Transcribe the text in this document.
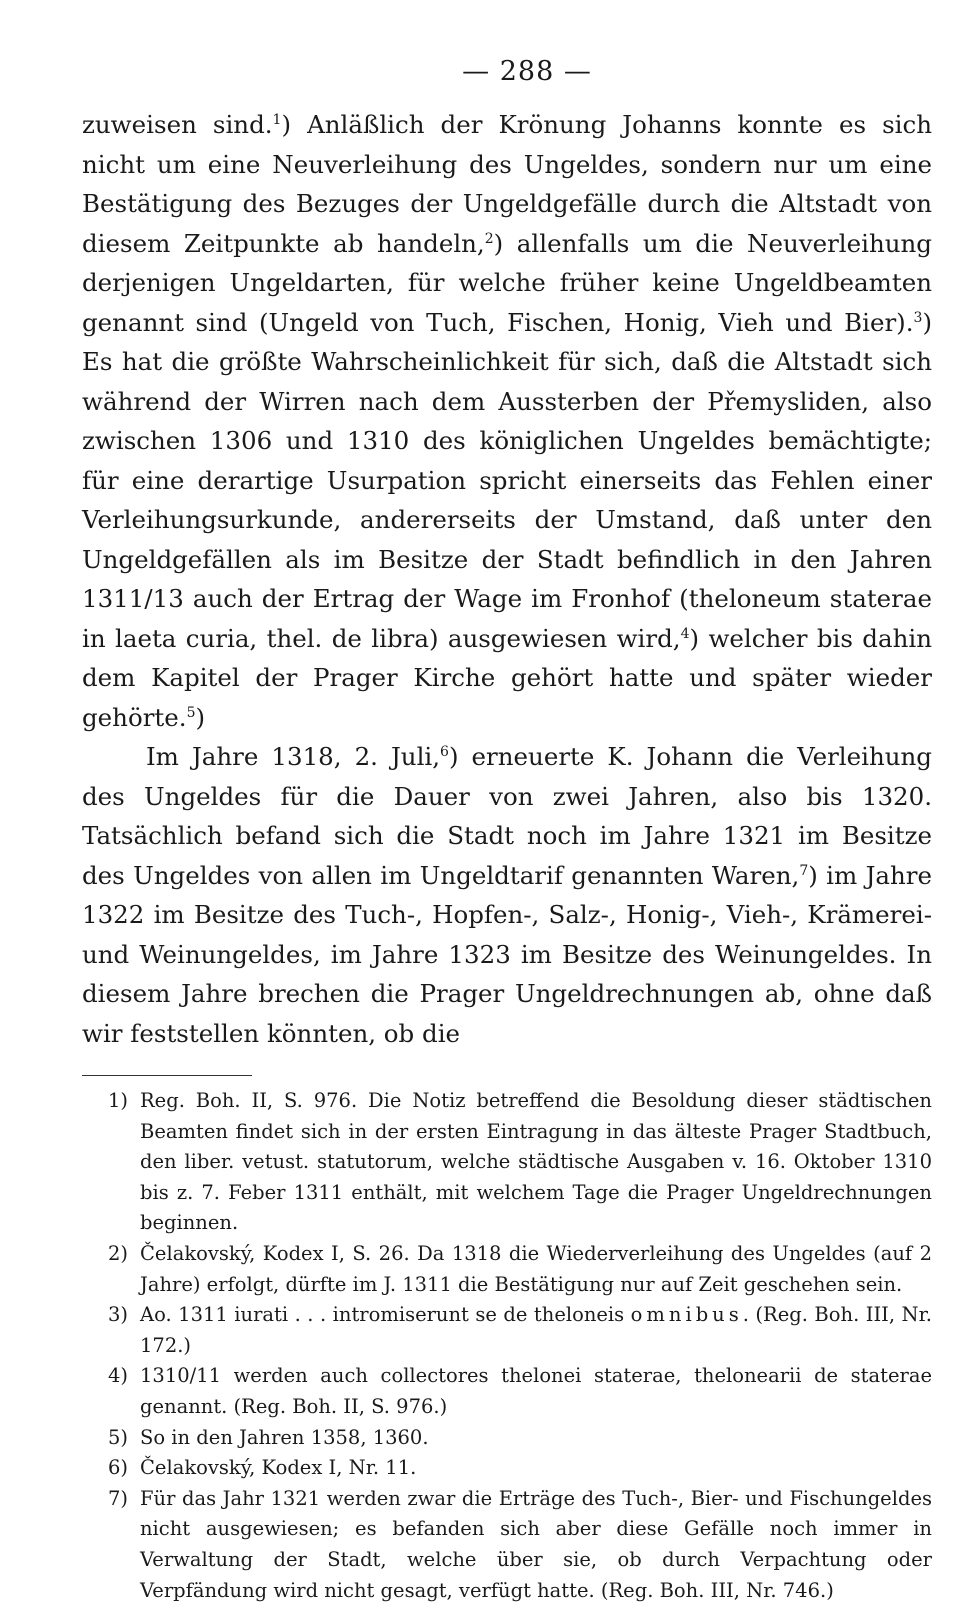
— 288 —

zuweisen sind.$^1$) Anläßlich der Krönung Johanns konnte es sich nicht um eine Neuverleihung des Ungeldes, sondern nur um eine Bestätigung des Bezuges der Ungeldgefälle durch die Altstadt von diesem Zeitpunkte ab handeln,$^2$) allenfalls um die Neuverleihung derjenigen Ungeldarten, für welche früher keine Ungeldbeamten genannt sind (Ungeld von Tuch, Fischen, Honig, Vieh und Bier).$^3$) Es hat die größte Wahrscheinlichkeit für sich, daß die Altstadt sich während der Wirren nach dem Aussterben der Přemysliden, also zwischen 1306 und 1310 des königlichen Ungeldes bemächtigte; für eine derartige Usurpation spricht einerseits das Fehlen einer Verleihungsurkunde, andererseits der Umstand, daß unter den Ungeldgefällen als im Besitze der Stadt befindlich in den Jahren 1311/13 auch der Ertrag der Wage im Fronhof (theloneum staterae in laeta curia, thel. de libra) ausgewiesen wird,$^4$) welcher bis dahin dem Kapitel der Prager Kirche gehört hatte und später wieder gehörte.$^5$)

Im Jahre 1318, 2. Juli,$^6$) erneuerte K. Johann die Verleihung des Ungeldes für die Dauer von zwei Jahren, also bis 1320. Tatsächlich befand sich die Stadt noch im Jahre 1321 im Besitze des Ungeldes von allen im Ungeldtarif genannten Waren,$^7$) im Jahre 1322 im Besitze des Tuch-, Hopfen-, Salz-, Honig-, Vieh-, Krämerei- und Weinungeldes, im Jahre 1323 im Besitze des Weinungeldes. In diesem Jahre brechen die Prager Ungeldrechnungen ab, ohne daß wir feststellen könnten, ob die

1) Reg. Boh. II, S. 976. Die Notiz betreffend die Besoldung dieser städtischen Beamten findet sich in der ersten Eintragung in das älteste Prager Stadtbuch, den liber. vetust. statutorum, welche städtische Ausgaben v. 16. Oktober 1310 bis z. 7. Feber 1311 enthält, mit welchem Tage die Prager Ungeldrechnungen beginnen.
2) Čelakovský, Kodex I, S. 26. Da 1318 die Wiederverleihung des Ungeldes (auf 2 Jahre) erfolgt, dürfte im J. 1311 die Bestätigung nur auf Zeit geschehen sein.
3) Ao. 1311 iurati . . . intromiserunt se de theloneis omnibus. (Reg. Boh. III, Nr. 172.)
4) 1310/11 werden auch collectores thelonei staterae, thelonearii de staterae genannt. (Reg. Boh. II, S. 976.)
5) So in den Jahren 1358, 1360.
6) Čelakovský, Kodex I, Nr. 11.
7) Für das Jahr 1321 werden zwar die Erträge des Tuch-, Bier- und Fischungeldes nicht ausgewiesen; es befanden sich aber diese Gefälle noch immer in Verwaltung der Stadt, welche über sie, ob durch Verpachtung oder Verpfändung wird nicht gesagt, verfügt hatte. (Reg. Boh. III, Nr. 746.)
